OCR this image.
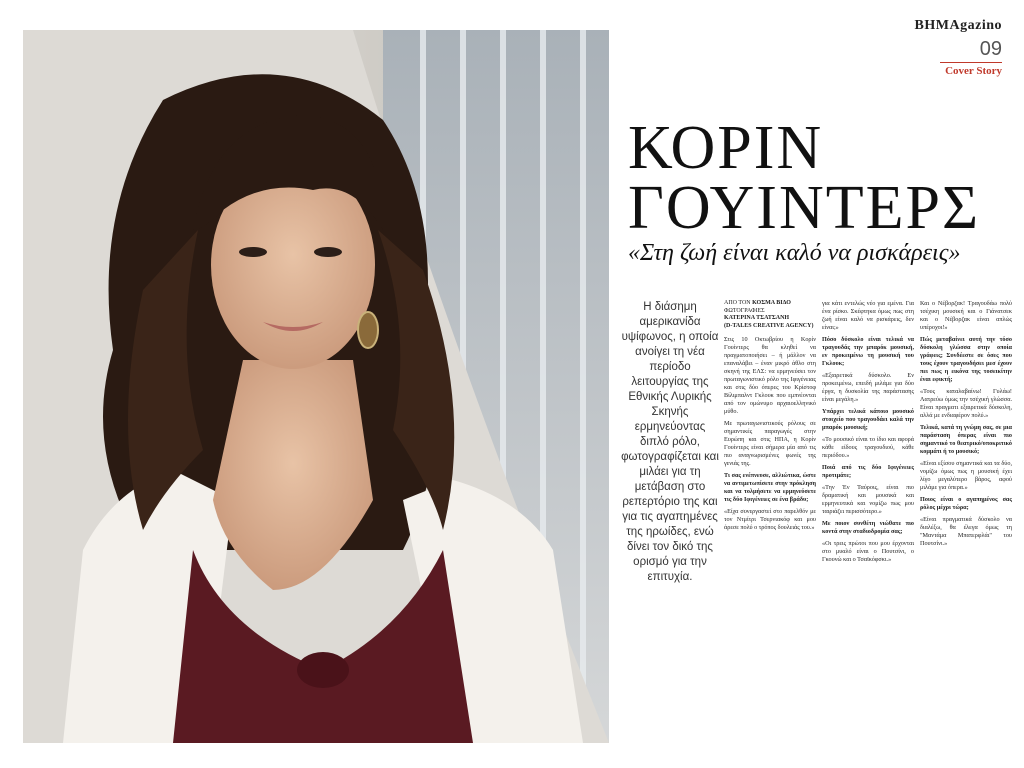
ΒΗΜΑgazino
09
Cover Story
ΚΟΡΙΝ
ΓΟΥΙΝΤΕΡΣ
«Στη ζωή είναι καλό να ρισκάρεις»
Η διάσημη αμερικανίδα υψίφωνος, η οποία ανοίγει τη νέα περίοδο λειτουργίας της Εθνικής Λυρικής Σκηνής ερμηνεύοντας διπλό ρόλο, φωτογραφίζεται και μιλάει για τη μετάβαση στο ρεπερτόριο της και για τις αγαπημένες της ηρωίδες, ενώ δίνει τον δικό της ορισμό για την επιτυχία.
ΑΠΟ ΤΟΝ ΚΟΣΜΑ ΒΙΔΟ
ΦΩΤΟΓΡΑΦΙΕΣ
ΚΑΤΕΡΙΝΑ ΤΣΑΤΣΑΝΗ
(D-TALES CREATIVE AGENCY)

Στις 10 Οκτωβρίου η Κορίν Γουίντερς θα κληθεί να πραγματοποιήσει – ή μάλλον να επαναλάβει – έναν μικρό άθλο στη σκηνή της ΕΛΣ: να ερμηνεύσει τον πρωταγωνιστικό ρόλο της Ιφιγένειας και στις δύο όπερες του Κρίστοφ Βίλιμπαλντ Γκλουκ που εμπνέονται από τον ομώνυμο αρχαιοελληνικό μύθο.

Με πρωταγωνιστικούς ρόλους σε σημαντικές παραγωγές στην Ευρώπη και στις ΗΠΑ, η Κορίν Γουίντερς είναι σήμερα μία από τις πιο αναγνωρισμένες φωνές της γενιάς της.

Τι σας ενέπνευσε, αλλιώτικα, ώστε να αντιμετωπίσετε στην πρόκληση και να τολμήσετε να ερμηνεύσετε τις δύο Ιφιγένειες σε ένα βράδυ;

«Είχα συνεργαστεί στο παρελθόν με τον Ντμίτρι Τσερνιακόφ και μου άρεσε πολύ ο τρόπος δουλειάς του.»

για κάτι εντελώς νέο για εμένα. Για ένα ρίσκο. Σκέφτηκα όμως πως στη ζωή είναι καλό να ρισκάρεις, δεν είναι;»

Πόσο δύσκολο είναι τελικά να τραγουδάς την μπαρόκ μουσική, εν προκειμένω τη μουσική του Γκλουκ;

«Εξαιρετικά δύσκολο. Εν προκειμένω, επειδή μιλάμε για δύο έργα, η δυσκολία της παράστασης είναι μεγάλη.»

Υπάρχει τελικά κάποιο μουσικό στοιχείο που τραγουδάει καλά την μπαρόκ μουσική;

«Το μουσικό είναι το ίδιο και αφορά κάθε είδους τραγουδιού, κάθε περιόδου.»

Ποιά από τις δύο Ιφιγένειες προτιμάτε;

«Την Έν Ταύροις, είναι πιο δραματική και μουσικά και ερμηνευτικά και νομίζω πως μου ταιριάζει περισσότερο.»

Με ποιον συνθέτη νιώθατε πιο κοντά στην σταδιοδρομία σας;

«Οι τρεις πρώτοι που μου έρχονται στο μυαλό είναι ο Πουτσίνι, ο Γκουνώ και ο Τσαϊκόφσκι.»

Και ο Νέβορζακ! Τραγουδάω πολύ τσέχικη μουσική και ο Γιάνατσεκ και ο Νέβορζακ είναι απλώς υπέροχοι!»

Πώς μεταβαίνει αυτή την τόσο δύσκολη γλώσσα στην οποία γράφεις; Συνδέεστε σε όσες που τους έχουν τραγουδήσει μεσ έχουν πει πως η εικόνα της τοσεικίτην έναι εφικτή;

«Τους καταλαβαίνω! Γυλάω! Λατρεύω όμως την τσέχική γλώσσα. Είναι πραγματι εξαιρετικά δύσκολη, αλλά με ενδιαφέρον πολύ.»

Τελικά, κατά τη γνώμη σας, σε μια παράσταση όπερας είναι πιο σημαντικό το θεατρικό/υποκριτικό κομμάτι ή το μουσικό;

«Είναι εξίσου σημαντικά και τα δύο, νομίζω όμως πως η μουσική έχει λίγο μεγαλύτερο βάρος, αφού μιλάμε για όπερα.»

Ποιος είναι ο αγαπημένος σας ρόλος μέχρι τώρα;

«Είναι πραγματικά δύσκολο να διαλέξω, θα έλεγα όμως τη "Μαντάμα Μπατερφλάι" του Πουτσίνι.»
